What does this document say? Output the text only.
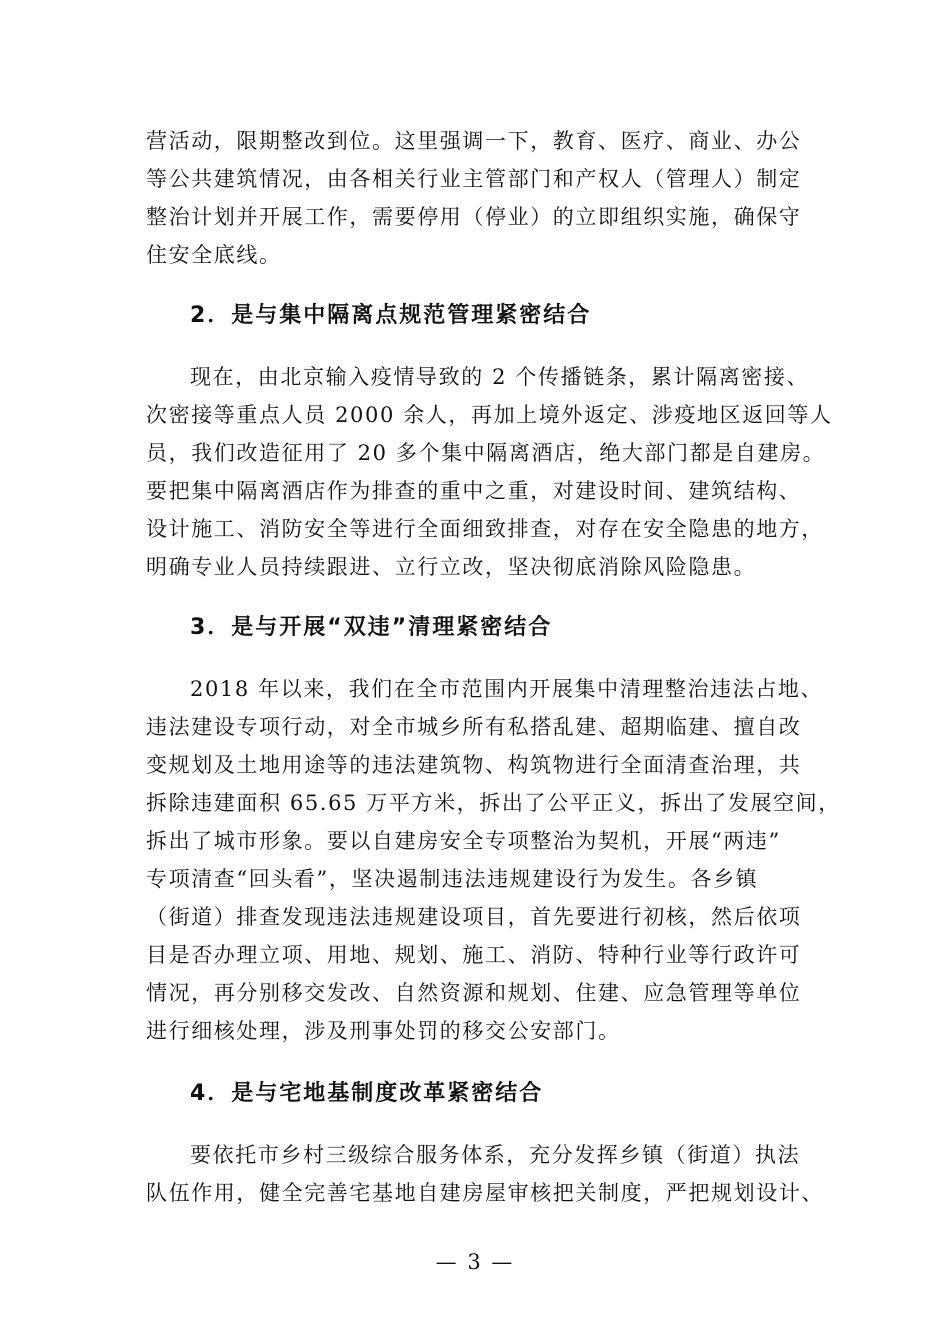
营活动，限期整改到位。这里强调一下，教育、医疗、商业、办公
等公共建筑情况，由各相关行业主管部门和产权人（管理人）制定
整治计划并开展工作，需要停用（停业）的立即组织实施，确保守
住安全底线。
2．是与集中隔离点规范管理紧密结合
现在，由北京输入疫情导致的 2 个传播链条，累计隔离密接、
次密接等重点人员 2000 余人，再加上境外返定、涉疫地区返回等人
员，我们改造征用了 20 多个集中隔离酒店，绝大部门都是自建房。
要把集中隔离酒店作为排查的重中之重，对建设时间、建筑结构、
设计施工、消防安全等进行全面细致排查，对存在安全隐患的地方，
明确专业人员持续跟进、立行立改，坚决彻底消除风险隐患。
3．是与开展“双违”清理紧密结合
2018 年以来，我们在全市范围内开展集中清理整治违法占地、
违法建设专项行动，对全市城乡所有私搭乱建、超期临建、擅自改
变规划及土地用途等的违法建筑物、构筑物进行全面清查治理，共
拆除违建面积 65.65 万平方米，拆出了公平正义，拆出了发展空间，
拆出了城市形象。要以自建房安全专项整治为契机，开展“两违”
专项清查“回头看”，坚决遏制违法违规建设行为发生。各乡镇
（街道）排查发现违法违规建设项目，首先要进行初核，然后依项
目是否办理立项、用地、规划、施工、消防、特种行业等行政许可
情况，再分别移交发改、自然资源和规划、住建、应急管理等单位
进行细核处理，涉及刑事处罚的移交公安部门。
4．是与宅地基制度改革紧密结合
要依托市乡村三级综合服务体系，充分发挥乡镇（街道）执法
队伍作用，健全完善宅基地自建房屋审核把关制度，严把规划设计、
— 3 —
